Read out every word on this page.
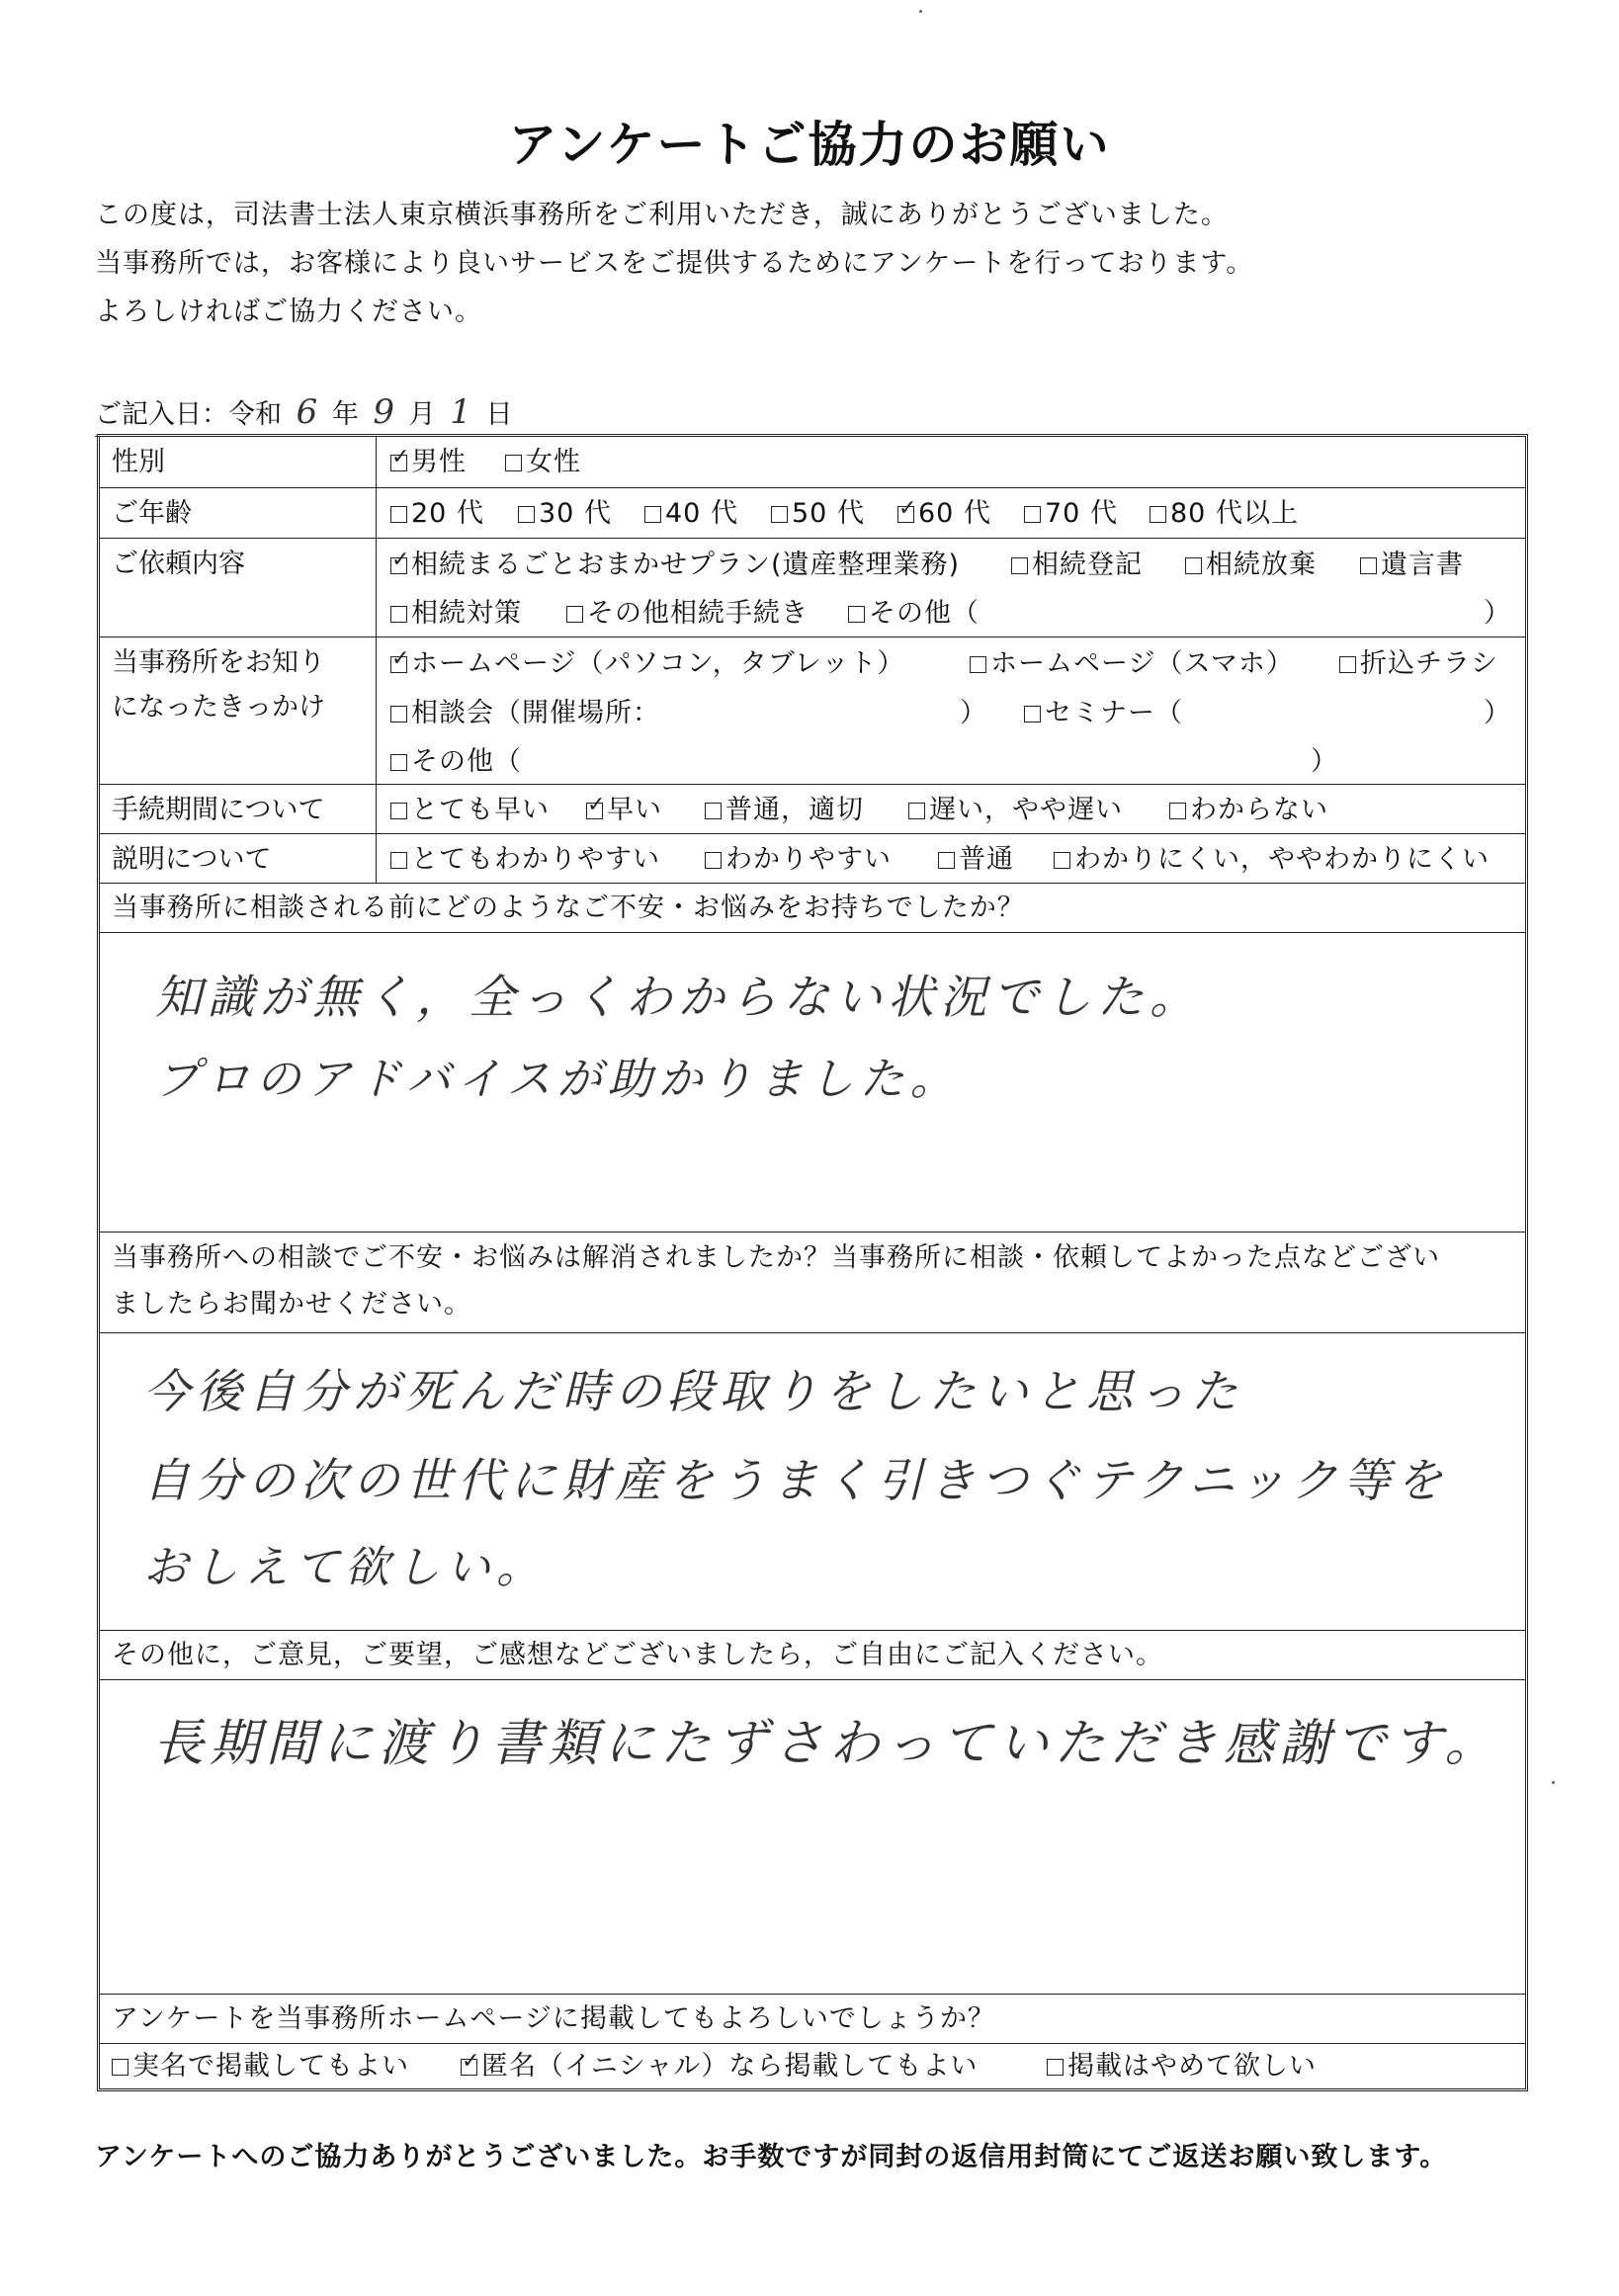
アンケートご協力のお願い
この度は，司法書士法人東京横浜事務所をご利用いただき，誠にありがとうございました。
当事務所では，お客様により良いサービスをご提供するためにアンケートを行っております。
よろしければご協力ください。
ご記入日：令和 6 年 9 月 1 日
性別	✓ 男性	女性
ご年齢	20 代	30 代	40 代	50 代 ✓ 60 代	70 代	80 代以上
ご依頼内容	✓ 相続まるごとおまかせプラン(遺産整理業務)	相続登記	相続放棄	遺言書
相続対策	その他相続手続き	その他（	）
当事務所をお知り
になったきっかけ
✓ ホームページ（パソコン，タブレット）	ホームページ（スマホ）	折込チラシ
相談会（開催場所：	）	セミナー（	）
その他（	）
手続期間について	とても早い ✓ 早い	普通，適切	遅い，やや遅い	わからない
説明について	とてもわかりやすい	わかりやすい	普通	わかりにくい，ややわかりにくい
当事務所に相談される前にどのようなご不安・お悩みをお持ちでしたか？
知識が無く，全っくわからない状況でした。
プロのアドバイスが助かりました。
当事務所への相談でご不安・お悩みは解消されましたか？当事務所に相談・依頼してよかった点などござい
ましたらお聞かせください。
今後自分が死んだ時の段取りをしたいと思った
自分の次の世代に財産をうまく引きつぐテクニック等を
おしえて欲しい。
その他に，ご意見，ご要望，ご感想などございましたら，ご自由にご記入ください。
長期間に渡り書類にたずさわっていただき感謝です。
アンケートを当事務所ホームページに掲載してもよろしいでしょうか？
実名で掲載してもよい ✓ 匿名（イニシャル）なら掲載してもよい	掲載はやめて欲しい
アンケートへのご協力ありがとうございました。お手数ですが同封の返信用封筒にてご返送お願い致します。
